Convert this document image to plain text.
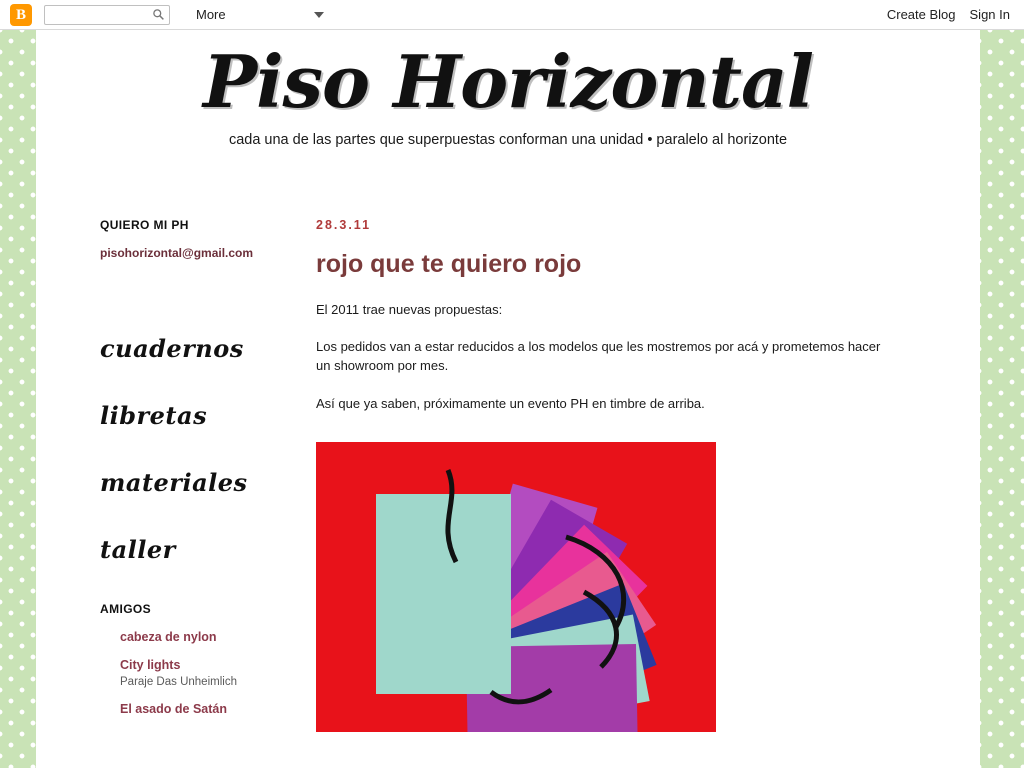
B
More	Create Blog Sign In
Piso Horizontal
cada una de las partes que superpuestas conforman una unidad • paralelo al horizonte
QUIERO MI PH
pisohorizontal@gmail.com
cuadernos
libretas
materiales
taller
AMIGOS
cabeza de nylon
City lights
Paraje Das Unheimlich
El asado de Satán
28.3.11
rojo que te quiero rojo

El 2011 trae nuevas propuestas:

Los pedidos van a estar reducidos a los modelos que les mostremos por acá y prometemos hacer un showroom por mes.

Así que ya saben, próximamente un evento PH en timbre de arriba.
